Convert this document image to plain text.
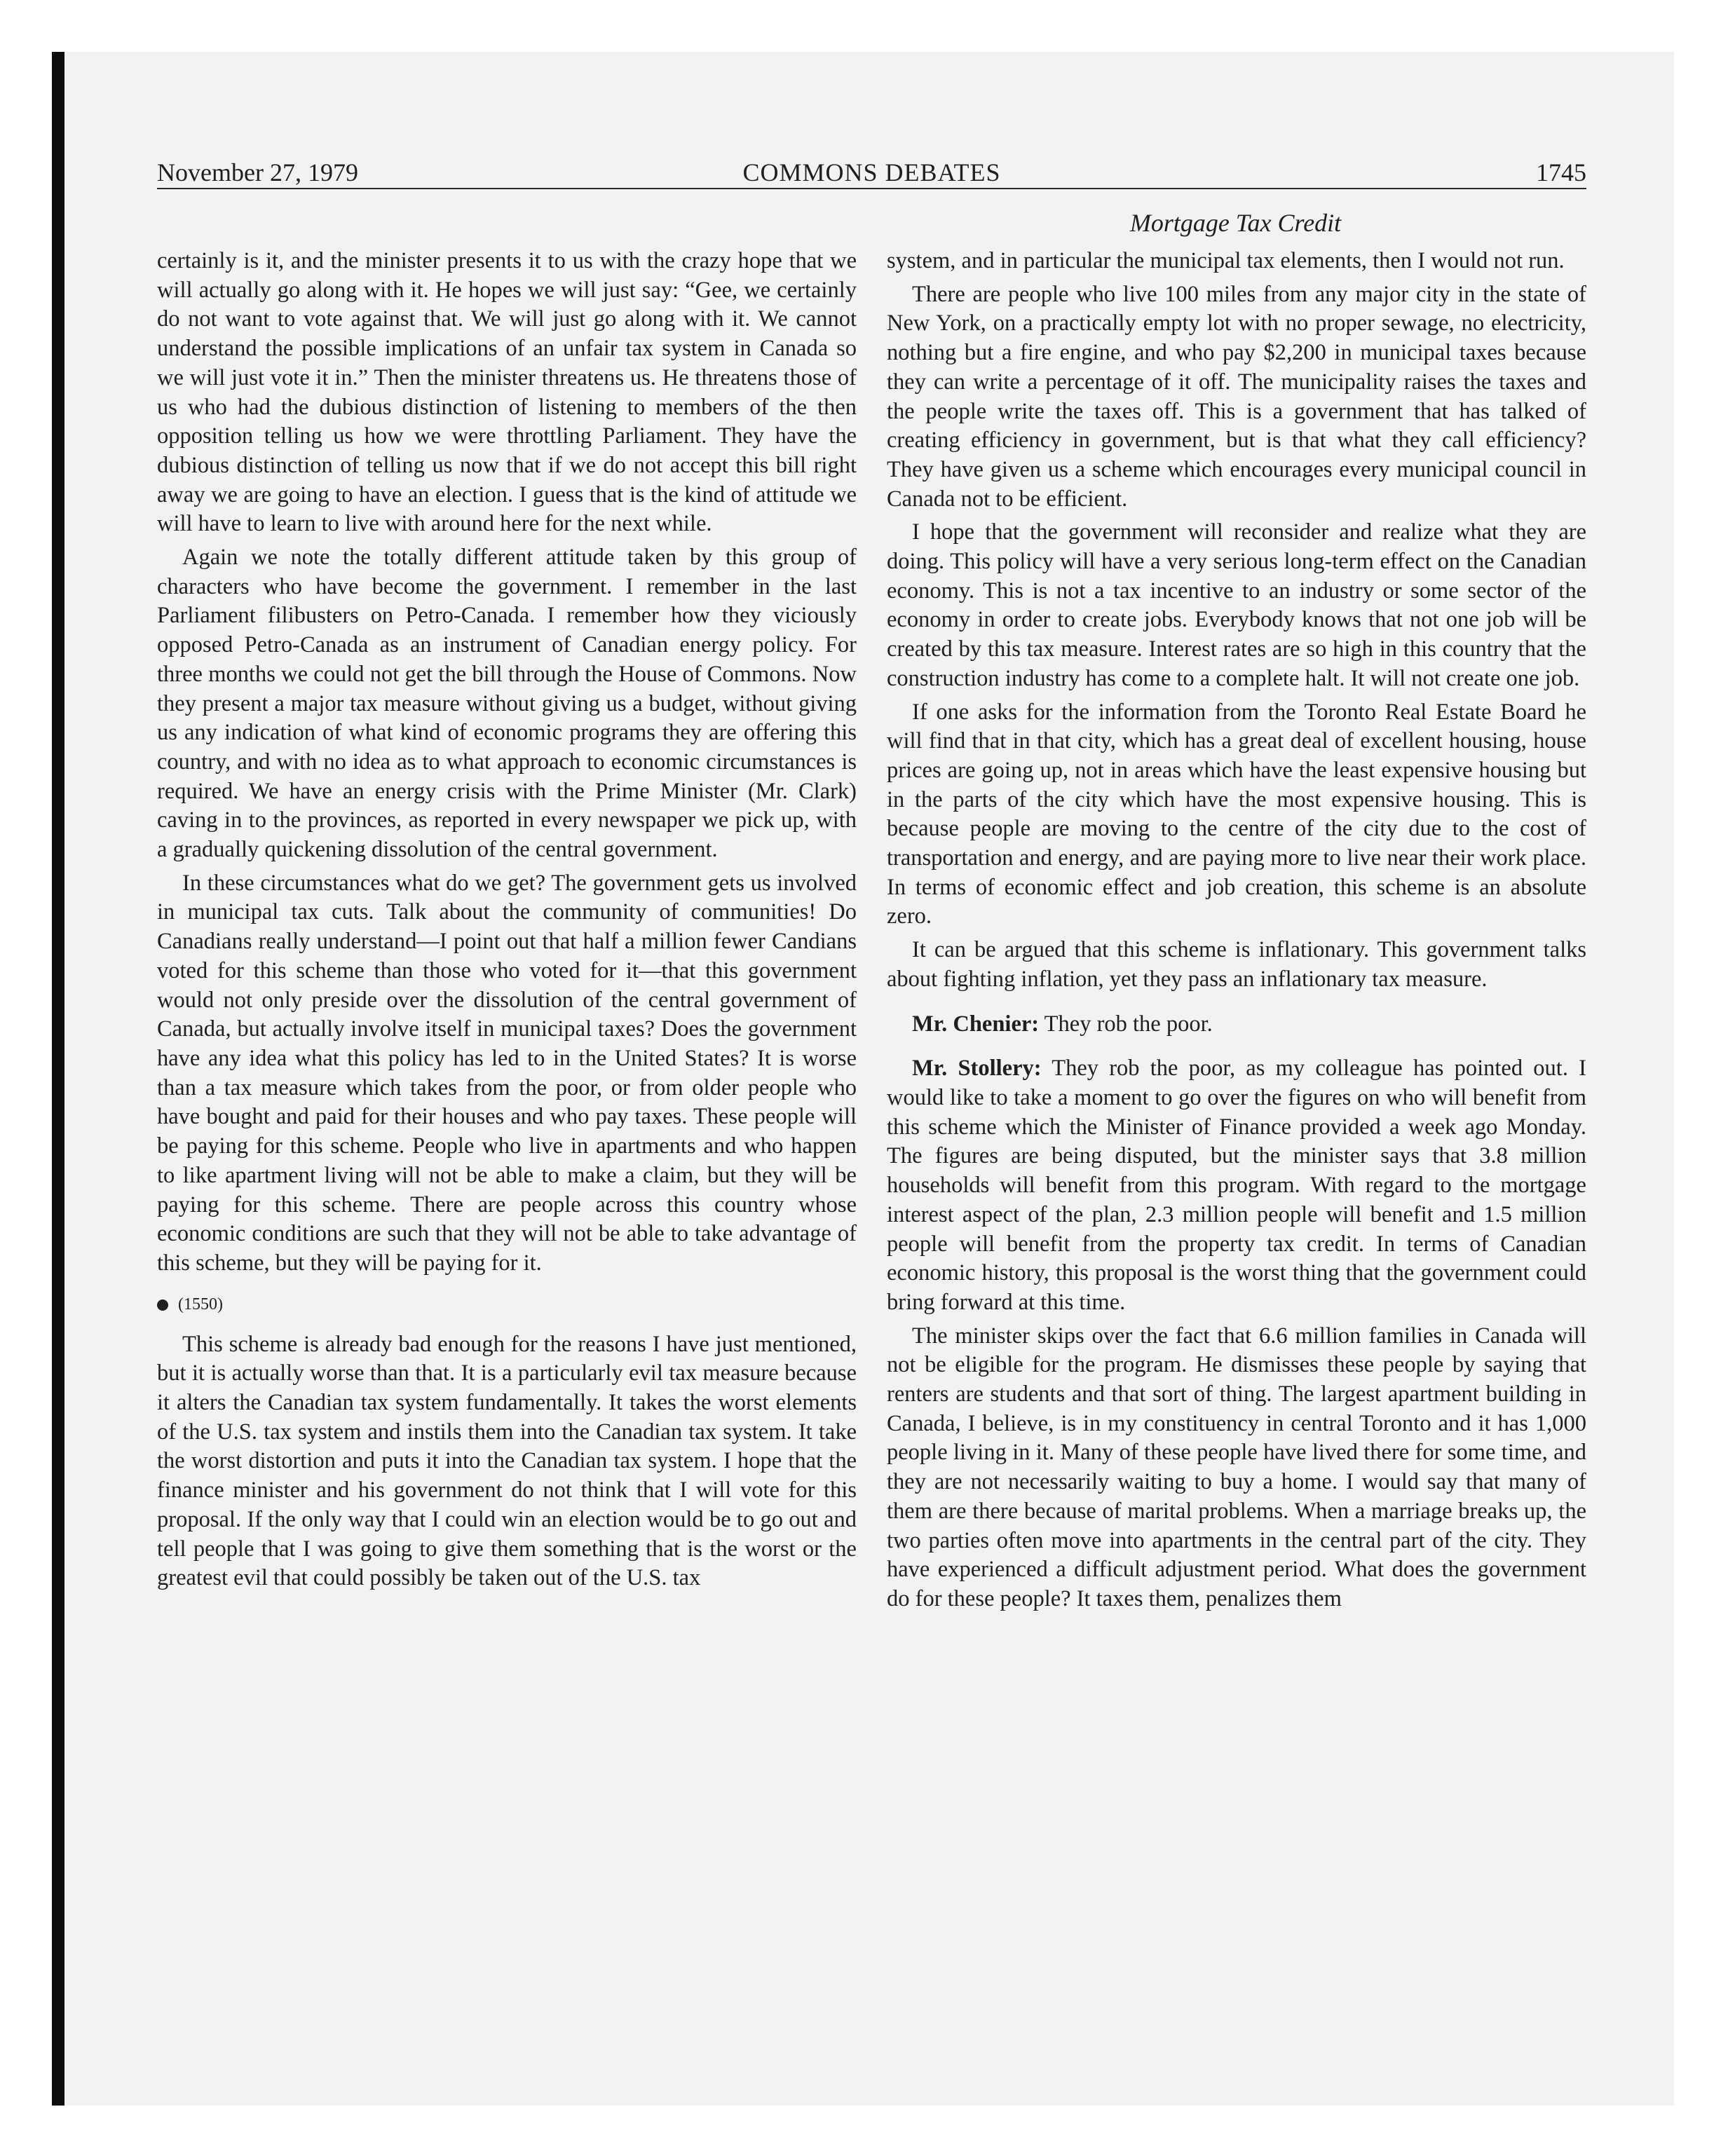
November 27, 1979	COMMONS DEBATES	1745
Mortgage Tax Credit

certainly is it, and the minister presents it to us with the crazy hope that we will actually go along with it. He hopes we will just say: “Gee, we certainly do not want to vote against that. We will just go along with it. We cannot understand the possible implications of an unfair tax system in Canada so we will just vote it in.” Then the minister threatens us. He threatens those of us who had the dubious distinction of listening to members of the then opposition telling us how we were throttling Parliament. They have the dubious distinction of telling us now that if we do not accept this bill right away we are going to have an election. I guess that is the kind of attitude we will have to learn to live with around here for the next while.

Again we note the totally different attitude taken by this group of characters who have become the government. I remember in the last Parliament filibusters on Petro-Canada. I remember how they viciously opposed Petro-Canada as an instrument of Canadian energy policy. For three months we could not get the bill through the House of Commons. Now they present a major tax measure without giving us a budget, without giving us any indication of what kind of economic programs they are offering this country, and with no idea as to what approach to economic circumstances is required. We have an energy crisis with the Prime Minister (Mr. Clark) caving in to the provinces, as reported in every newspaper we pick up, with a gradually quickening dissolution of the central government.

In these circumstances what do we get? The government gets us involved in municipal tax cuts. Talk about the community of communities! Do Canadians really understand—I point out that half a million fewer Candians voted for this scheme than those who voted for it—that this government would not only preside over the dissolution of the central government of Canada, but actually involve itself in municipal taxes? Does the government have any idea what this policy has led to in the United States? It is worse than a tax measure which takes from the poor, or from older people who have bought and paid for their houses and who pay taxes. These people will be paying for this scheme. People who live in apartments and who happen to like apartment living will not be able to make a claim, but they will be paying for this scheme. There are people across this country whose economic conditions are such that they will not be able to take advantage of this scheme, but they will be paying for it.

(1550)

This scheme is already bad enough for the reasons I have just mentioned, but it is actually worse than that. It is a particularly evil tax measure because it alters the Canadian tax system fundamentally. It takes the worst elements of the U.S. tax system and instils them into the Canadian tax system. It take the worst distortion and puts it into the Canadian tax system. I hope that the finance minister and his government do not think that I will vote for this proposal. If the only way that I could win an election would be to go out and tell people that I was going to give them something that is the worst or the greatest evil that could possibly be taken out of the U.S. tax

system, and in particular the municipal tax elements, then I would not run.

There are people who live 100 miles from any major city in the state of New York, on a practically empty lot with no proper sewage, no electricity, nothing but a fire engine, and who pay $2,200 in municipal taxes because they can write a percentage of it off. The municipality raises the taxes and the people write the taxes off. This is a government that has talked of creating efficiency in government, but is that what they call efficiency? They have given us a scheme which encourages every municipal council in Canada not to be efficient.

I hope that the government will reconsider and realize what they are doing. This policy will have a very serious long-term effect on the Canadian economy. This is not a tax incentive to an industry or some sector of the economy in order to create jobs. Everybody knows that not one job will be created by this tax measure. Interest rates are so high in this country that the construction industry has come to a complete halt. It will not create one job.

If one asks for the information from the Toronto Real Estate Board he will find that in that city, which has a great deal of excellent housing, house prices are going up, not in areas which have the least expensive housing but in the parts of the city which have the most expensive housing. This is because people are moving to the centre of the city due to the cost of transportation and energy, and are paying more to live near their work place. In terms of economic effect and job creation, this scheme is an absolute zero.

It can be argued that this scheme is inflationary. This government talks about fighting inflation, yet they pass an inflationary tax measure.

Mr. Chenier: They rob the poor.

Mr. Stollery: They rob the poor, as my colleague has pointed out. I would like to take a moment to go over the figures on who will benefit from this scheme which the Minister of Finance provided a week ago Monday. The figures are being disputed, but the minister says that 3.8 million households will benefit from this program. With regard to the mortgage interest aspect of the plan, 2.3 million people will benefit and 1.5 million people will benefit from the property tax credit. In terms of Canadian economic history, this proposal is the worst thing that the government could bring forward at this time.

The minister skips over the fact that 6.6 million families in Canada will not be eligible for the program. He dismisses these people by saying that renters are students and that sort of thing. The largest apartment building in Canada, I believe, is in my constituency in central Toronto and it has 1,000 people living in it. Many of these people have lived there for some time, and they are not necessarily waiting to buy a home. I would say that many of them are there because of marital problems. When a marriage breaks up, the two parties often move into apartments in the central part of the city. They have experienced a difficult adjustment period. What does the government do for these people? It taxes them, penalizes them
